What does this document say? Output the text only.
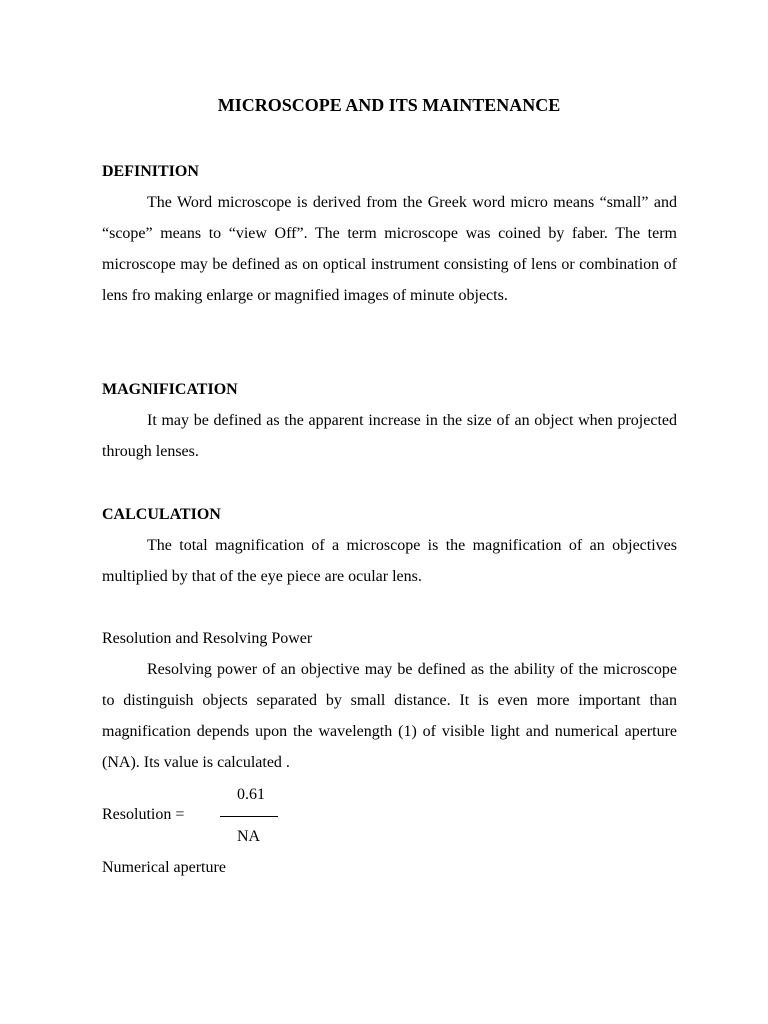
MICROSCOPE AND ITS MAINTENANCE
DEFINITION

The Word microscope is derived from the Greek word micro means “small” and “scope” means to “view Off”. The term microscope was coined by faber. The term microscope may be defined as on optical instrument consisting of lens or combination of lens fro making enlarge or magnified images of minute objects.

MAGNIFICATION

It may be defined as the apparent increase in the size of an object when projected through lenses.

CALCULATION

The total magnification of a microscope is the magnification of an objectives multiplied by that of the eye piece are ocular lens.

Resolution and Resolving Power

Resolving power of an objective may be defined as the ability of the microscope to distinguish objects separated by small distance. It is even more important than magnification depends upon the wavelength (1) of visible light and numerical aperture (NA). Its value is calculated .

Resolution =

0.61

NA

Numerical aperture
